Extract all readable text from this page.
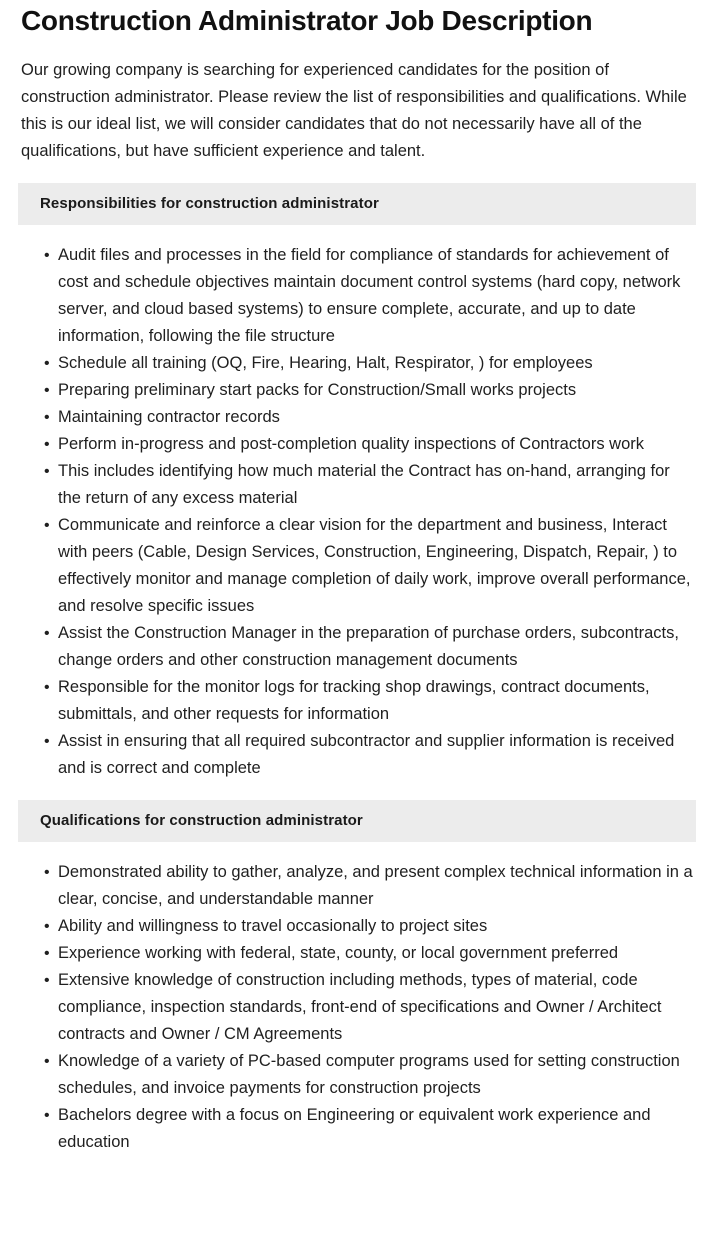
Construction Administrator Job Description

Our growing company is searching for experienced candidates for the position of construction administrator. Please review the list of responsibilities and qualifications. While this is our ideal list, we will consider candidates that do not necessarily have all of the qualifications, but have sufficient experience and talent.

Responsibilities for construction administrator
• Audit files and processes in the field for compliance of standards for achievement of cost and schedule objectives maintain document control systems (hard copy, network server, and cloud based systems) to ensure complete, accurate, and up to date information, following the file structure
• Schedule all training (OQ, Fire, Hearing, Halt, Respirator, ) for employees
• Preparing preliminary start packs for Construction/Small works projects
• Maintaining contractor records
• Perform in-progress and post-completion quality inspections of Contractors work
• This includes identifying how much material the Contract has on-hand, arranging for the return of any excess material
• Communicate and reinforce a clear vision for the department and business, Interact with peers (Cable, Design Services, Construction, Engineering, Dispatch, Repair, ) to effectively monitor and manage completion of daily work, improve overall performance, and resolve specific issues
• Assist the Construction Manager in the preparation of purchase orders, subcontracts, change orders and other construction management documents
• Responsible for the monitor logs for tracking shop drawings, contract documents, submittals, and other requests for information
• Assist in ensuring that all required subcontractor and supplier information is received and is correct and complete
Qualifications for construction administrator
• Demonstrated ability to gather, analyze, and present complex technical information in a clear, concise, and understandable manner
• Ability and willingness to travel occasionally to project sites
• Experience working with federal, state, county, or local government preferred
• Extensive knowledge of construction including methods, types of material, code compliance, inspection standards, front-end of specifications and Owner / Architect contracts and Owner / CM Agreements
• Knowledge of a variety of PC-based computer programs used for setting construction schedules, and invoice payments for construction projects
• Bachelors degree with a focus on Engineering or equivalent work experience and education
